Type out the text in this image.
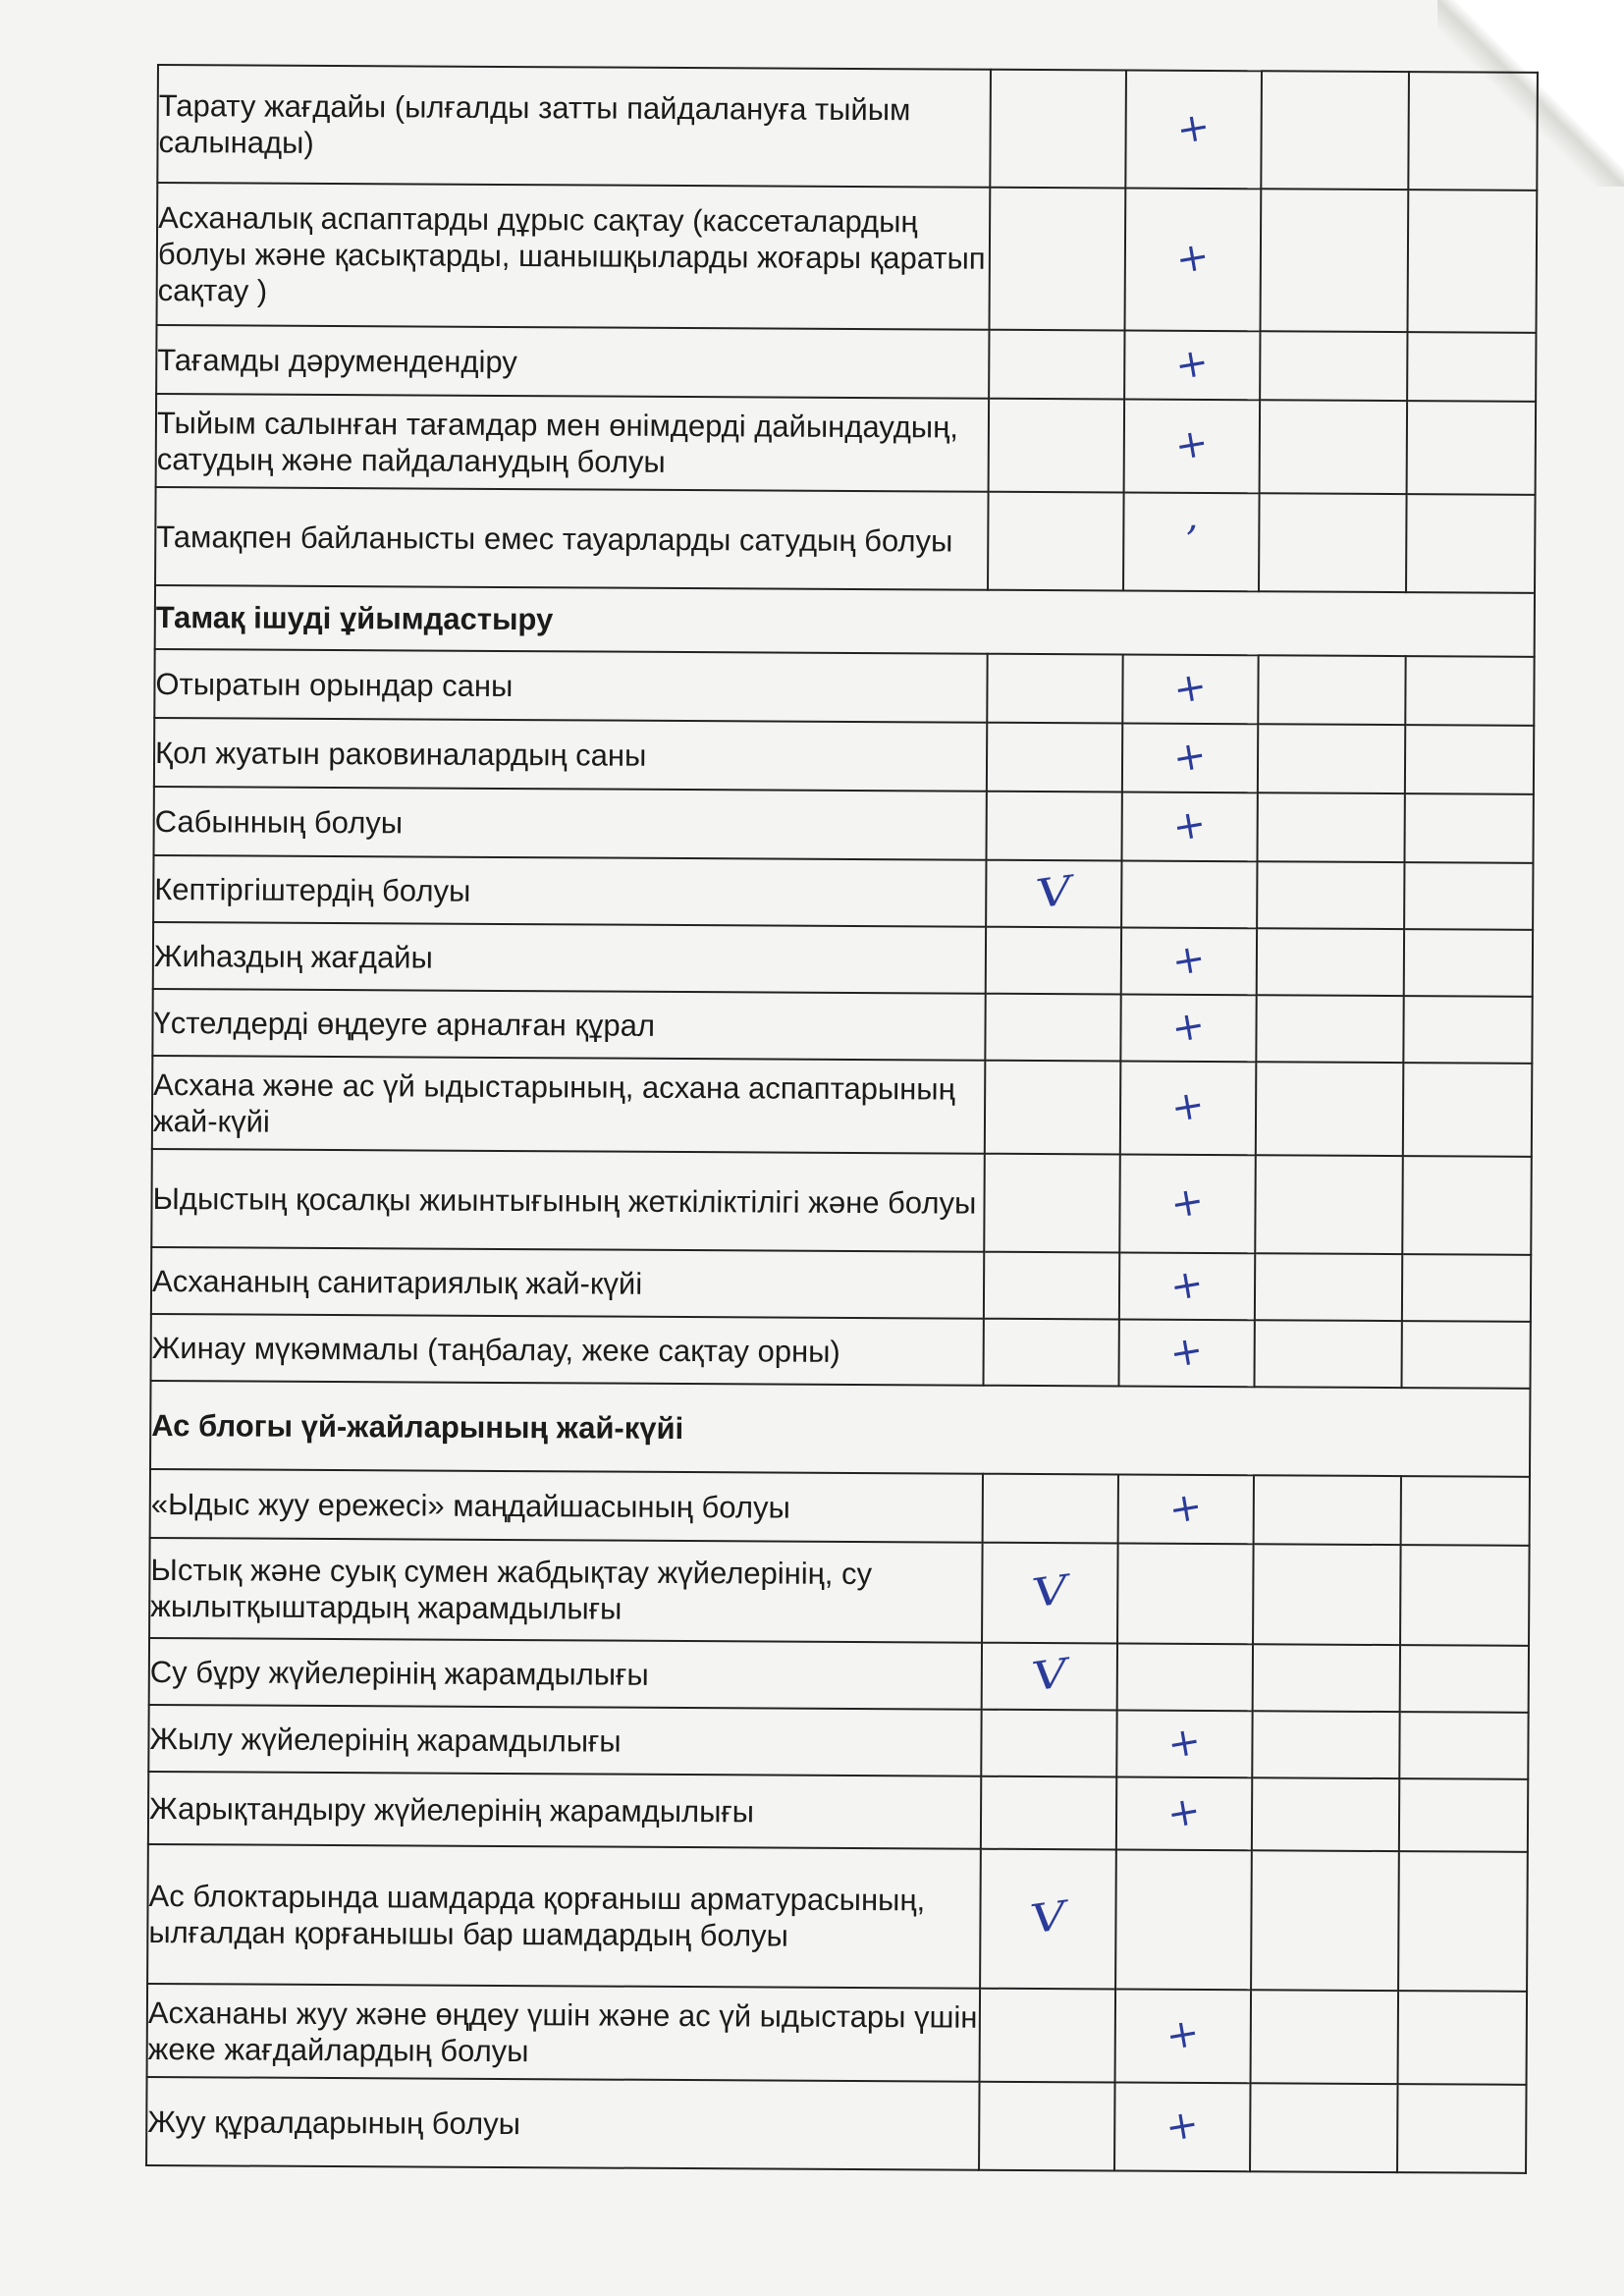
Тарату жағдайы (ылғалды затты пайдалануға тыйым салынады)		+		
Асханалық аспаптарды дұрыс сақтау (кассеталардың болуы және қасықтарды, шанышқыларды жоғары қаратып сақтау )		+		
Тағамды дәрумендендіру		+		
Тыйым салынған тағамдар мен өнімдерді дайындаудың, сатудың және пайдаланудың болуы		+		
Тамақпен байланысты емес тауарларды сатудың болуы		’		
Тамақ ішуді ұйымдастыру				
Отыратын орындар саны		+		
Қол жуатын раковиналардың саны		+		
Сабынның болуы		+		
Кептіргіштердің болуы	V			
Жиһаздың жағдайы		+		
Үстелдерді өңдеуге арналған құрал		+		
Асхана және ас үй ыдыстарының, асхана аспаптарының жай-күйі		+		
Ыдыстың қосалқы жиынтығының жеткіліктілігі және болуы		+		
Асхананың санитариялық жай-күйі		+		
Жинау мүкәммалы (таңбалау, жеке сақтау орны)		+		
Ас блогы үй-жайларының жай-күйі				
«Ыдыс жуу ережесі» маңдайшасының болуы		+		
Ыстық және суық сумен жабдықтау жүйелерінің, су жылытқыштардың жарамдылығы	V			
Су бұру жүйелерінің жарамдылығы	V			
Жылу жүйелерінің жарамдылығы		+		
Жарықтандыру жүйелерінің жарамдылығы		+		
Ас блоктарында шамдарда қорғаныш арматурасының, ылғалдан қорғанышы бар шамдардың болуы	V			
Асхананы жуу және өңдеу үшін және ас үй ыдыстары үшін жеке жағдайлардың болуы		+		
Жуу құралдарының болуы		+		
